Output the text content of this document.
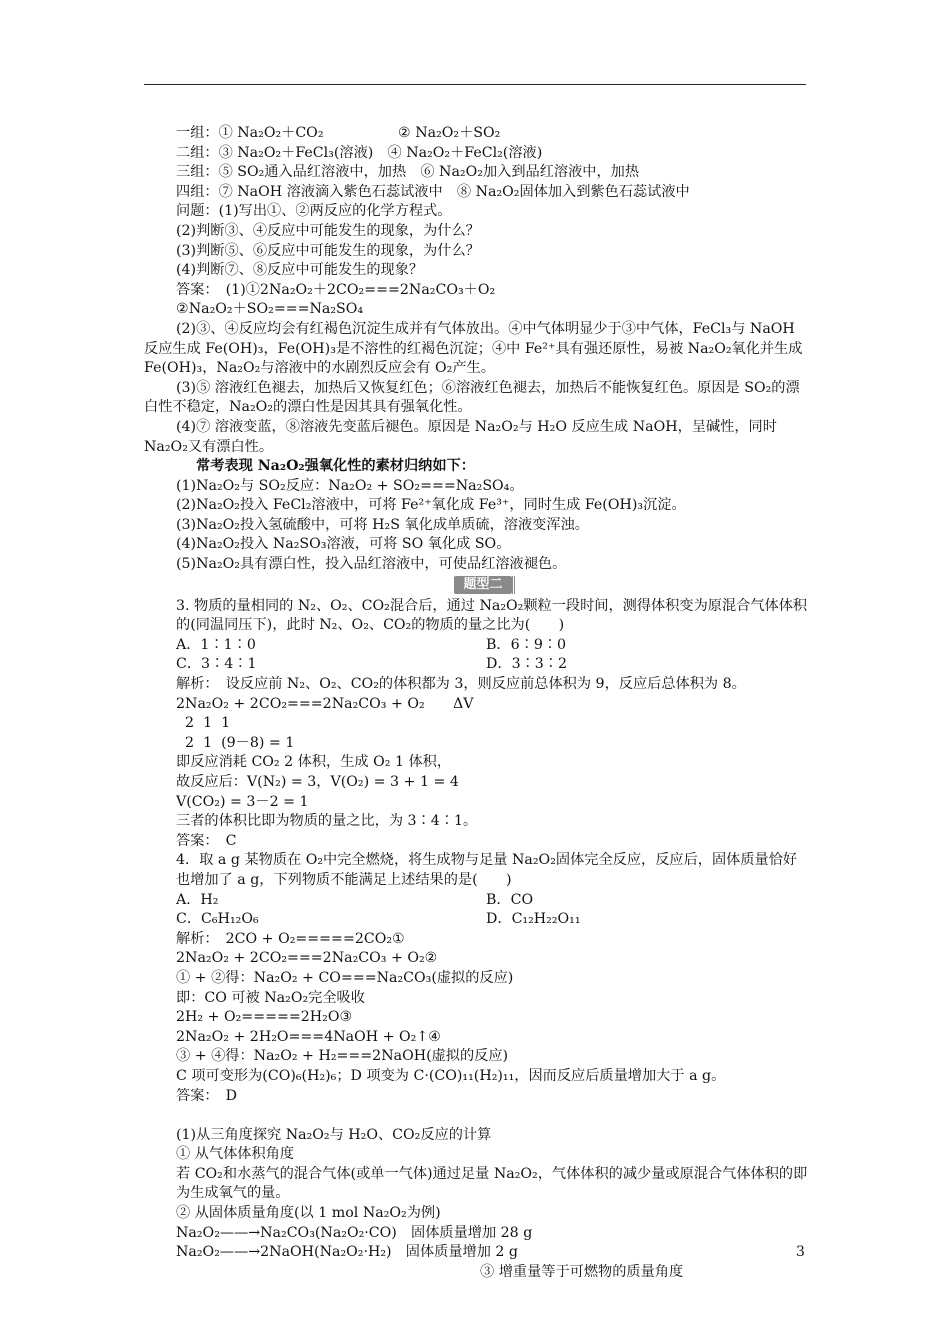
一组：① Na₂O₂＋CO₂	② Na₂O₂＋SO₂
二组：③ Na₂O₂＋FeCl₃(溶液)　④ Na₂O₂＋FeCl₂(溶液)
三组：⑤ SO₂通入品红溶液中，加热　⑥ Na₂O₂加入到品红溶液中，加热
四组：⑦ NaOH 溶液滴入紫色石蕊试液中　⑧ Na₂O₂固体加入到紫色石蕊试液中
问题：(1)写出①、②两反应的化学方程式。
(2)判断③、④反应中可能发生的现象，为什么？
(3)判断⑤、⑥反应中可能发生的现象，为什么？
(4)判断⑦、⑧反应中可能发生的现象？
答案：　(1)①2Na₂O₂＋2CO₂===2Na₂CO₃＋O₂
②Na₂O₂＋SO₂===Na₂SO₄
(2)③、④反应均会有红褐色沉淀生成并有气体放出。④中气体明显少于③中气体，FeCl₃与 NaOH 反应生成 Fe(OH)₃，Fe(OH)₃是不溶性的红褐色沉淀；④中 Fe²⁺具有强还原性，易被 Na₂O₂氧化并生成 Fe(OH)₃，Na₂O₂与溶液中的水剧烈反应会有 O₂产生。
(3)⑤ 溶液红色褪去，加热后又恢复红色；⑥溶液红色褪去，加热后不能恢复红色。原因是 SO₂的漂白性不稳定，Na₂O₂的漂白性是因其具有强氧化性。
(4)⑦ 溶液变蓝，⑧溶液先变蓝后褪色。原因是 Na₂O₂与 H₂O 反应生成 NaOH，呈碱性，同时 Na₂O₂又有漂白性。
常考表现 Na₂O₂强氧化性的素材归纳如下：
(1)Na₂O₂与 SO₂反应：Na₂O₂ + SO₂===Na₂SO₄。
(2)Na₂O₂投入 FeCl₂溶液中，可将 Fe²⁺氧化成 Fe³⁺，同时生成 Fe(OH)₃沉淀。
(3)Na₂O₂投入氢硫酸中，可将 H₂S 氧化成单质硫，溶液变浑浊。
(4)Na₂O₂投入 Na₂SO₃溶液，可将 SO 氧化成 SO。
(5)Na₂O₂具有漂白性，投入品红溶液中，可使品红溶液褪色。
题型二
3. 物质的量相同的 N₂、O₂、CO₂混合后，通过 Na₂O₂颗粒一段时间，测得体积变为原混合气体体积的(同温同压下)，此时 N₂、O₂、CO₂的物质的量之比为(　　)
A．1∶1∶0	B．6∶9∶0
C．3∶4∶1	D．3∶3∶2
解析：　设反应前 N₂、O₂、CO₂的体积都为 3，则反应前总体积为 9，反应后总体积为 8。
2Na₂O₂ + 2CO₂===2Na₂CO₃ + O₂　　ΔV
2  1  1
2  1  (9－8) = 1
即反应消耗 CO₂ 2 体积，生成 O₂ 1 体积，
故反应后：V(N₂) = 3，V(O₂) = 3 + 1 = 4
V(CO₂) = 3－2 = 1
三者的体积比即为物质的量之比，为 3∶4∶1。
答案：　C
4．取 a g 某物质在 O₂中完全燃烧，将生成物与足量 Na₂O₂固体完全反应，反应后，固体质量恰好也增加了 a g，下列物质不能满足上述结果的是(　　)
A．H₂	B．CO
C．C₆H₁₂O₆	D．C₁₂H₂₂O₁₁
解析：　2CO + O₂=====2CO₂①
2Na₂O₂ + 2CO₂===2Na₂CO₃ + O₂②
① + ②得：Na₂O₂ + CO===Na₂CO₃(虚拟的反应)
即：CO 可被 Na₂O₂完全吸收
2H₂ + O₂=====2H₂O③
2Na₂O₂ + 2H₂O===4NaOH + O₂↑④
③ + ④得：Na₂O₂ + H₂===2NaOH(虚拟的反应)
C 项可变形为(CO)₆(H₂)₆；D 项变为 C·(CO)₁₁(H₂)₁₁，因而反应后质量增加大于 a g。
答案：　D
(1)从三角度探究 Na₂O₂与 H₂O、CO₂反应的计算
① 从气体体积角度
若 CO₂和水蒸气的混合气体(或单一气体)通过足量 Na₂O₂，气体体积的减少量或原混合气体体积的即为生成氧气的量。
② 从固体质量角度(以 1 mol Na₂O₂为例)
Na₂O₂——→Na₂CO₃(Na₂O₂·CO)　固体质量增加 28 g
Na₂O₂——→2NaOH(Na₂O₂·H₂)　固体质量增加 2 g
③ 增重量等于可燃物的质量角度
3
